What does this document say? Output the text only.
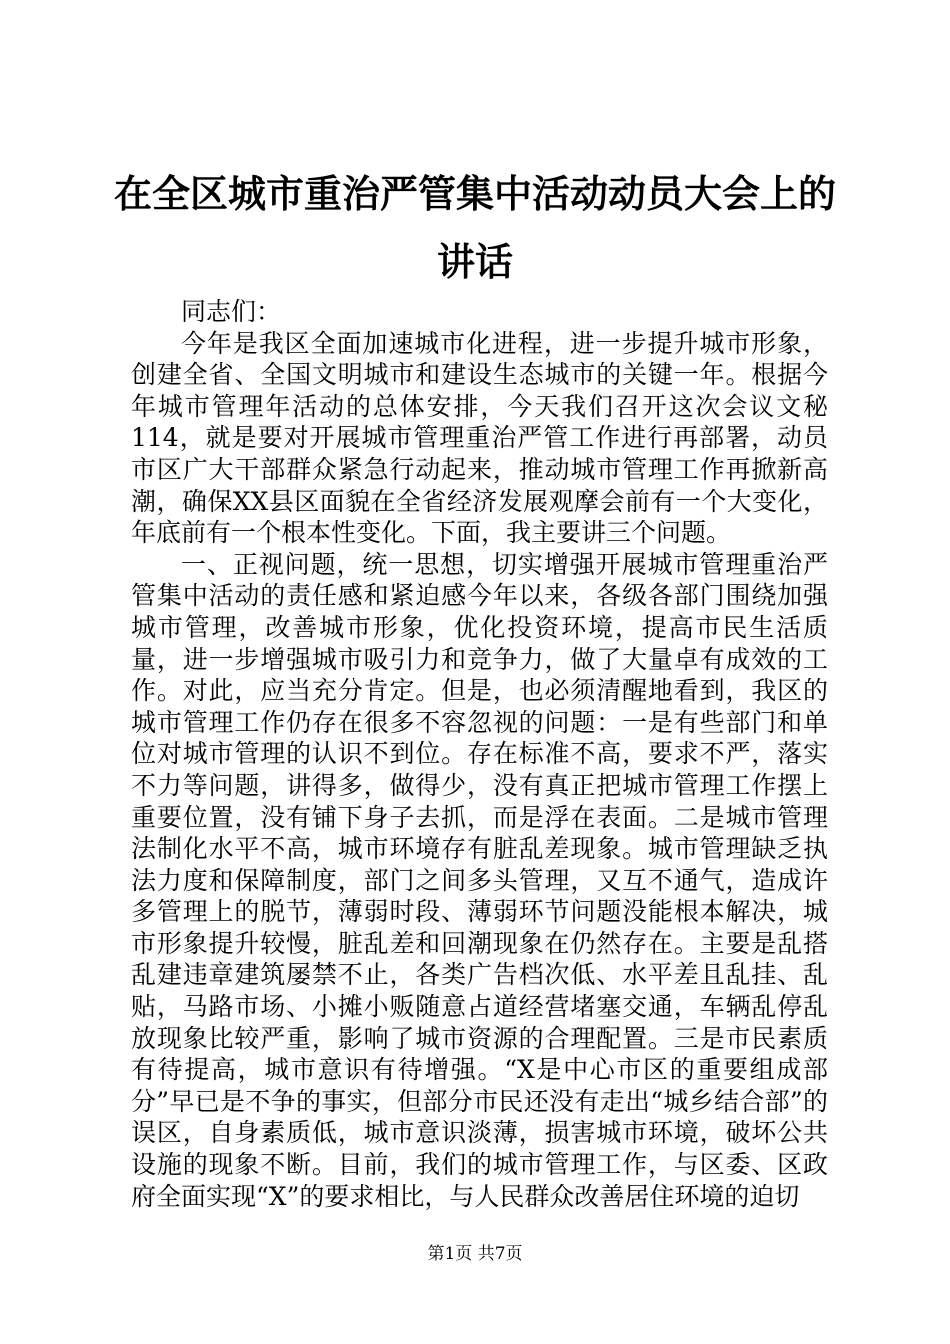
在全区城市重治严管集中活动动员大会上的讲话

同志们：

今年是我区全面加速城市化进程，进一步提升城市形象，创建全省、全国文明城市和建设生态城市的关键一年。根据今年城市管理年活动的总体安排，今天我们召开这次会议文秘114，就是要对开展城市管理重治严管工作进行再部署，动员市区广大干部群众紧急行动起来，推动城市管理工作再掀新高潮，确保XX县区面貌在全省经济发展观摩会前有一个大变化，年底前有一个根本性变化。下面，我主要讲三个问题。

一、正视问题，统一思想，切实增强开展城市管理重治严管集中活动的责任感和紧迫感今年以来，各级各部门围绕加强城市管理，改善城市形象，优化投资环境，提高市民生活质量，进一步增强城市吸引力和竞争力，做了大量卓有成效的工作。对此，应当充分肯定。但是，也必须清醒地看到，我区的城市管理工作仍存在很多不容忽视的问题：一是有些部门和单位对城市管理的认识不到位。存在标准不高，要求不严，落实不力等问题，讲得多，做得少，没有真正把城市管理工作摆上重要位置，没有铺下身子去抓，而是浮在表面。二是城市管理法制化水平不高，城市环境存有脏乱差现象。城市管理缺乏执法力度和保障制度，部门之间多头管理，又互不通气，造成许多管理上的脱节，薄弱时段、薄弱环节问题没能根本解决，城市形象提升较慢，脏乱差和回潮现象在仍然存在。主要是乱搭乱建违章建筑屡禁不止，各类广告档次低、水平差且乱挂、乱贴，马路市场、小摊小贩随意占道经营堵塞交通，车辆乱停乱放现象比较严重，影响了城市资源的合理配置。三是市民素质有待提高，城市意识有待增强。“X是中心市区的重要组成部分”早已是不争的事实，但部分市民还没有走出“城乡结合部”的误区，自身素质低，城市意识淡薄，损害城市环境，破坏公共设施的现象不断。目前，我们的城市管理工作，与区委、区政府全面实现“X”的要求相比，与人民群众改善居住环境的迫切

第1页 共7页
